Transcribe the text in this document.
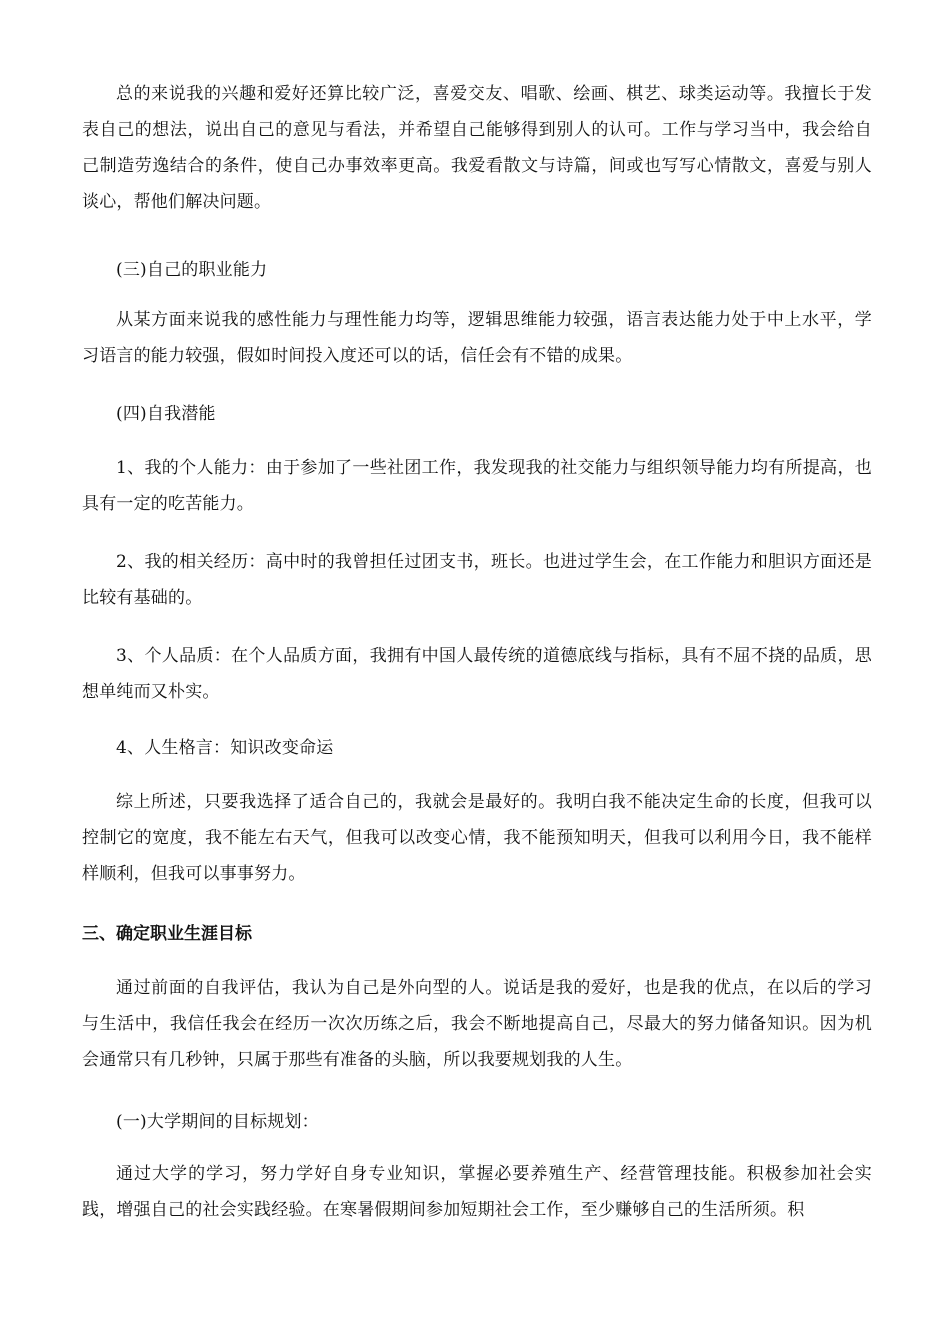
总的来说我的兴趣和爱好还算比较广泛，喜爱交友、唱歌、绘画、棋艺、球类运动等。我擅长于发表自己的想法，说出自己的意见与看法，并希望自己能够得到别人的认可。工作与学习当中，我会给自己制造劳逸结合的条件，使自己办事效率更高。我爱看散文与诗篇，间或也写写心情散文，喜爱与别人谈心，帮他们解决问题。

(三)自己的职业能力

从某方面来说我的感性能力与理性能力均等，逻辑思维能力较强，语言表达能力处于中上水平，学习语言的能力较强，假如时间投入度还可以的话，信任会有不错的成果。

(四)自我潜能

1、我的个人能力：由于参加了一些社团工作，我发现我的社交能力与组织领导能力均有所提高，也具有一定的吃苦能力。

2、我的相关经历：高中时的我曾担任过团支书，班长。也进过学生会，在工作能力和胆识方面还是比较有基础的。

3、个人品质：在个人品质方面，我拥有中国人最传统的道德底线与指标，具有不屈不挠的品质，思想单纯而又朴实。

4、人生格言：知识改变命运

综上所述，只要我选择了适合自己的，我就会是最好的。我明白我不能决定生命的长度，但我可以控制它的宽度，我不能左右天气，但我可以改变心情，我不能预知明天，但我可以利用今日，我不能样样顺利，但我可以事事努力。

三、确定职业生涯目标

通过前面的自我评估，我认为自己是外向型的人。说话是我的爱好，也是我的优点，在以后的学习与生活中，我信任我会在经历一次次历练之后，我会不断地提高自己，尽最大的努力储备知识。因为机会通常只有几秒钟，只属于那些有准备的头脑，所以我要规划我的人生。

(一)大学期间的目标规划：

通过大学的学习，努力学好自身专业知识，掌握必要养殖生产、经营管理技能。积极参加社会实践，增强自己的社会实践经验。在寒暑假期间参加短期社会工作，至少赚够自己的生活所须。积
